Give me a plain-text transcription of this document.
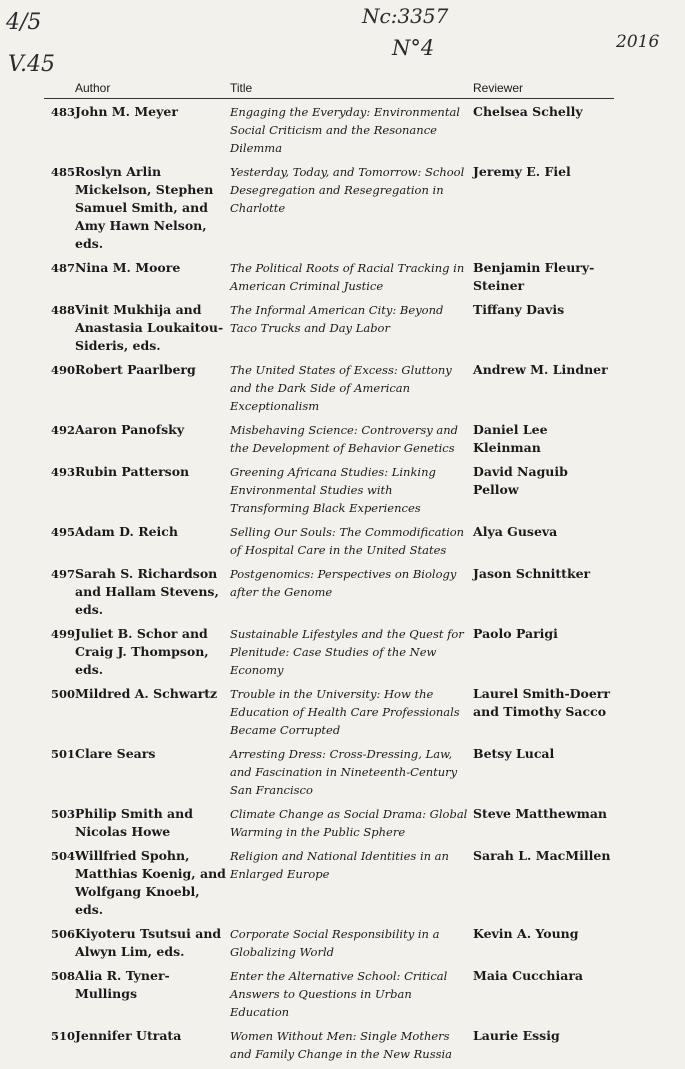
4/5

V.45

Nc:3357

N°4	2016

	Author	Title	Reviewer
483	John M. Meyer	Engaging the Everyday: Environmental Social Criticism and the Resonance Dilemma	Chelsea Schelly
485	Roslyn Arlin Mickelson, Stephen Samuel Smith, and Amy Hawn Nelson, eds.	Yesterday, Today, and Tomorrow: School Desegregation and Resegregation in Charlotte	Jeremy E. Fiel
487	Nina M. Moore	The Political Roots of Racial Tracking in American Criminal Justice	Benjamin Fleury-Steiner
488	Vinit Mukhija and Anastasia Loukaitou-Sideris, eds.	The Informal American City: Beyond Taco Trucks and Day Labor	Tiffany Davis
490	Robert Paarlberg	The United States of Excess: Gluttony and the Dark Side of American Exceptionalism	Andrew M. Lindner
492	Aaron Panofsky	Misbehaving Science: Controversy and the Development of Behavior Genetics	Daniel Lee Kleinman
493	Rubin Patterson	Greening Africana Studies: Linking Environmental Studies with Transforming Black Experiences	David Naguib Pellow
495	Adam D. Reich	Selling Our Souls: The Commodification of Hospital Care in the United States	Alya Guseva
497	Sarah S. Richardson and Hallam Stevens, eds.	Postgenomics: Perspectives on Biology after the Genome	Jason Schnittker
499	Juliet B. Schor and Craig J. Thompson, eds.	Sustainable Lifestyles and the Quest for Plenitude: Case Studies of the New Economy	Paolo Parigi
500	Mildred A. Schwartz	Trouble in the University: How the Education of Health Care Professionals Became Corrupted	Laurel Smith-Doerr and Timothy Sacco
501	Clare Sears	Arresting Dress: Cross-Dressing, Law, and Fascination in Nineteenth-Century San Francisco	Betsy Lucal
503	Philip Smith and Nicolas Howe	Climate Change as Social Drama: Global Warming in the Public Sphere	Steve Matthewman
504	Willfried Spohn, Matthias Koenig, and Wolfgang Knoebl, eds.	Religion and National Identities in an Enlarged Europe	Sarah L. MacMillen
506	Kiyoteru Tsutsui and Alwyn Lim, eds.	Corporate Social Responsibility in a Globalizing World	Kevin A. Young
508	Alia R. Tyner-Mullings	Enter the Alternative School: Critical Answers to Questions in Urban Education	Maia Cucchiara
510	Jennifer Utrata	Women Without Men: Single Mothers and Family Change in the New Russia	Laurie Essig
